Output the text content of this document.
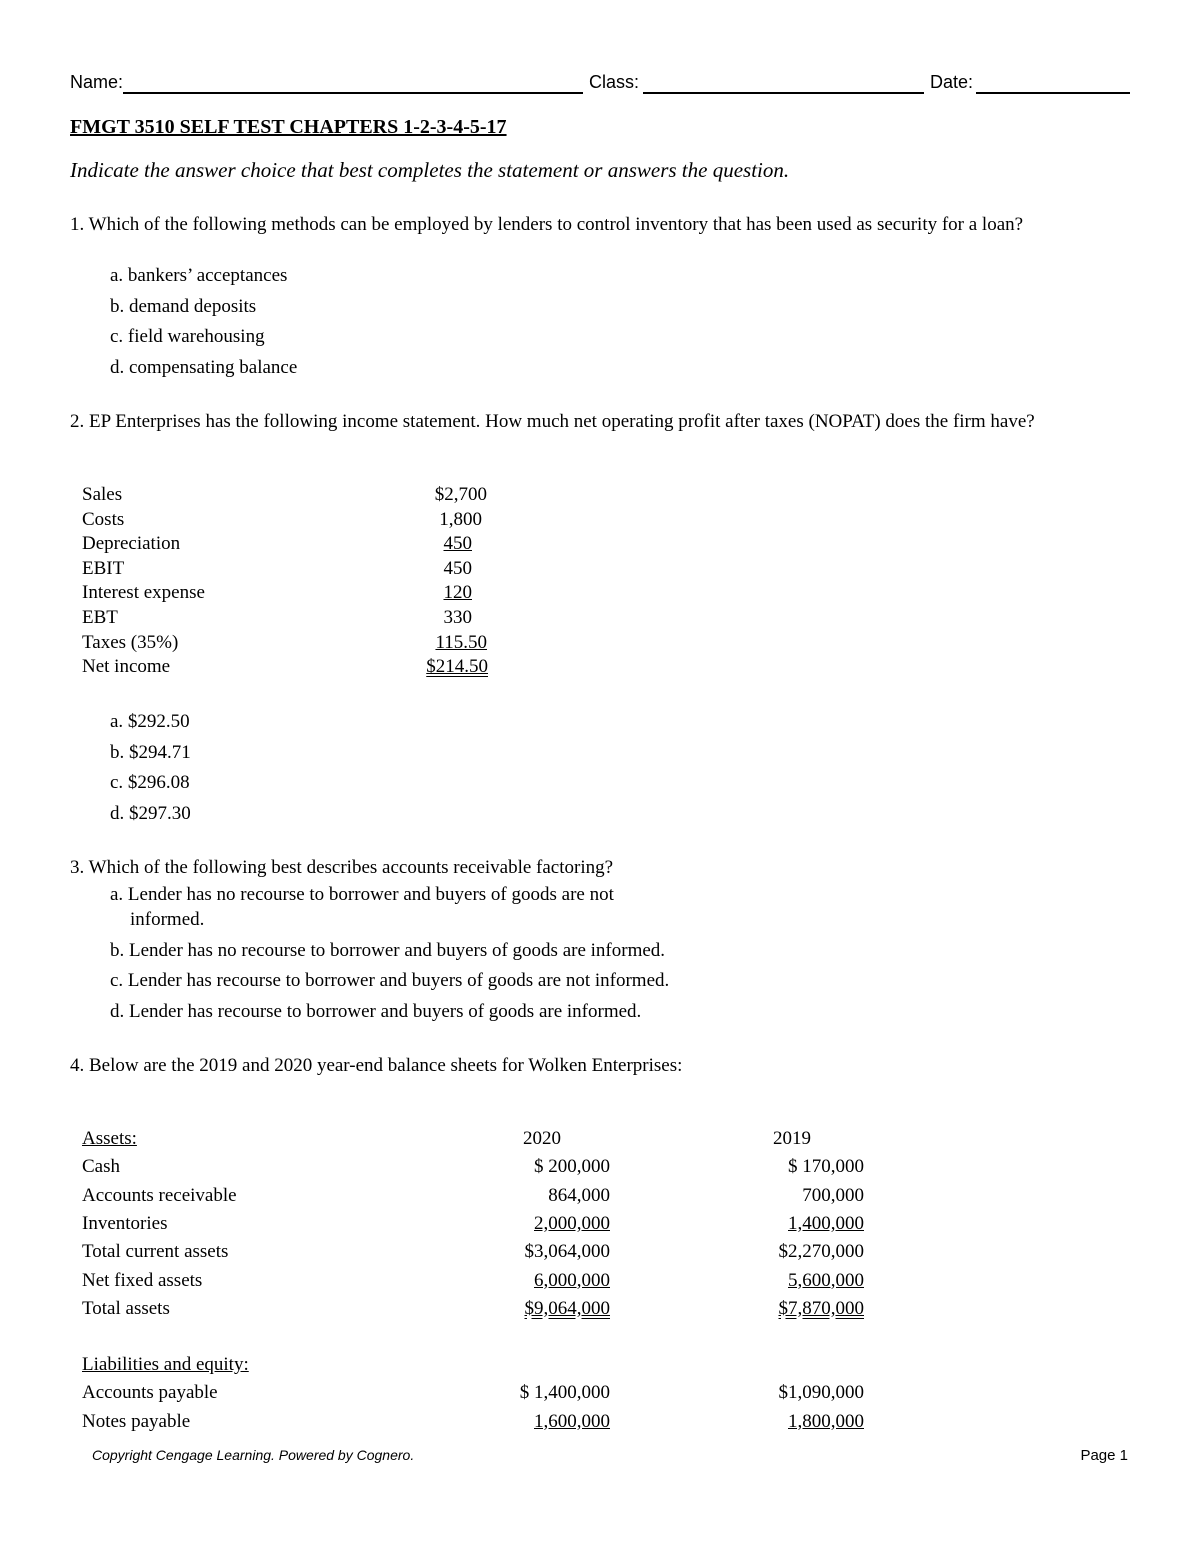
Name:	Class:	Date:
FMGT 3510 SELF TEST CHAPTERS 1-2-3-4-5-17
Indicate the answer choice that best completes the statement or answers the question.
1. Which of the following methods can be employed by lenders to control inventory that has been used as security for a loan?
a. bankers’ acceptances
b. demand deposits
c. field warehousing
d. compensating balance
2. EP Enterprises has the following income statement. How much net operating profit after taxes (NOPAT) does the firm have?
Sales	$2,700
Costs	1,800
Depreciation	450
EBIT	450
Interest expense	120
EBT	330
Taxes (35%)	115.50
Net income	$214.50
a. $292.50
b. $294.71
c. $296.08
d. $297.30
3. Which of the following best describes accounts receivable factoring?
a. Lender has no recourse to borrower and buyers of goods are not
informed.
b. Lender has no recourse to borrower and buyers of goods are informed.
c. Lender has recourse to borrower and buyers of goods are not informed.
d. Lender has recourse to borrower and buyers of goods are informed.
4. Below are the 2019 and 2020 year-end balance sheets for Wolken Enterprises:
Assets:	2020	2019
Cash	$ 200,000	$ 170,000
Accounts receivable	864,000	700,000
Inventories	2,000,000	1,400,000
Total current assets	$3,064,000	$2,270,000
Net fixed assets	6,000,000	5,600,000
Total assets	$9,064,000	$7,870,000
Liabilities and equity:
Accounts payable	$ 1,400,000	$1,090,000
Notes payable	1,600,000	1,800,000
Copyright Cengage Learning. Powered by Cognero.	Page 1
